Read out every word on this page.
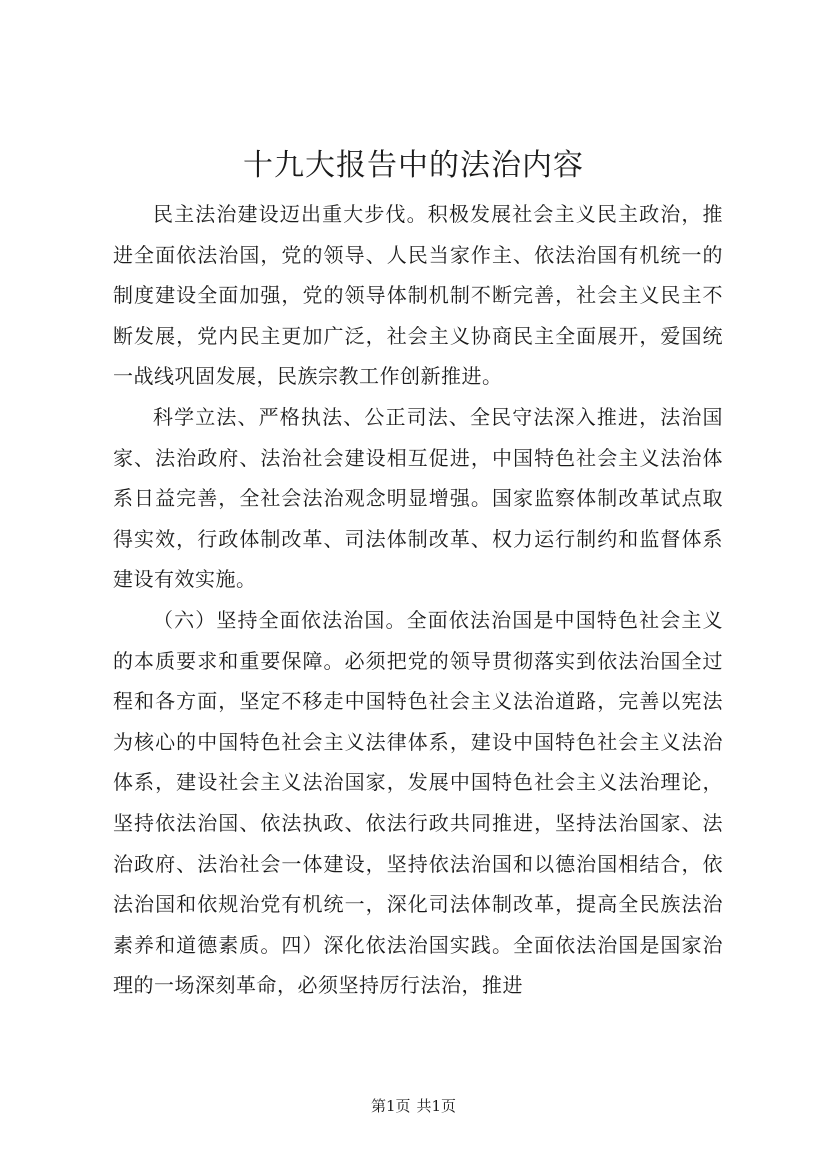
十九大报告中的法治内容

民主法治建设迈出重大步伐。积极发展社会主义民主政治，推进全面依法治国，党的领导、人民当家作主、依法治国有机统一的制度建设全面加强，党的领导体制机制不断完善，社会主义民主不断发展，党内民主更加广泛，社会主义协商民主全面展开，爱国统一战线巩固发展，民族宗教工作创新推进。

科学立法、严格执法、公正司法、全民守法深入推进，法治国家、法治政府、法治社会建设相互促进，中国特色社会主义法治体系日益完善，全社会法治观念明显增强。国家监察体制改革试点取得实效，行政体制改革、司法体制改革、权力运行制约和监督体系建设有效实施。

（六）坚持全面依法治国。全面依法治国是中国特色社会主义的本质要求和重要保障。必须把党的领导贯彻落实到依法治国全过程和各方面，坚定不移走中国特色社会主义法治道路，完善以宪法为核心的中国特色社会主义法律体系，建设中国特色社会主义法治体系，建设社会主义法治国家，发展中国特色社会主义法治理论，坚持依法治国、依法执政、依法行政共同推进，坚持法治国家、法治政府、法治社会一体建设，坚持依法治国和以德治国相结合，依法治国和依规治党有机统一，深化司法体制改革，提高全民族法治素养和道德素质。四）深化依法治国实践。全面依法治国是国家治理的一场深刻革命，必须坚持厉行法治，推进

第1页 共1页
